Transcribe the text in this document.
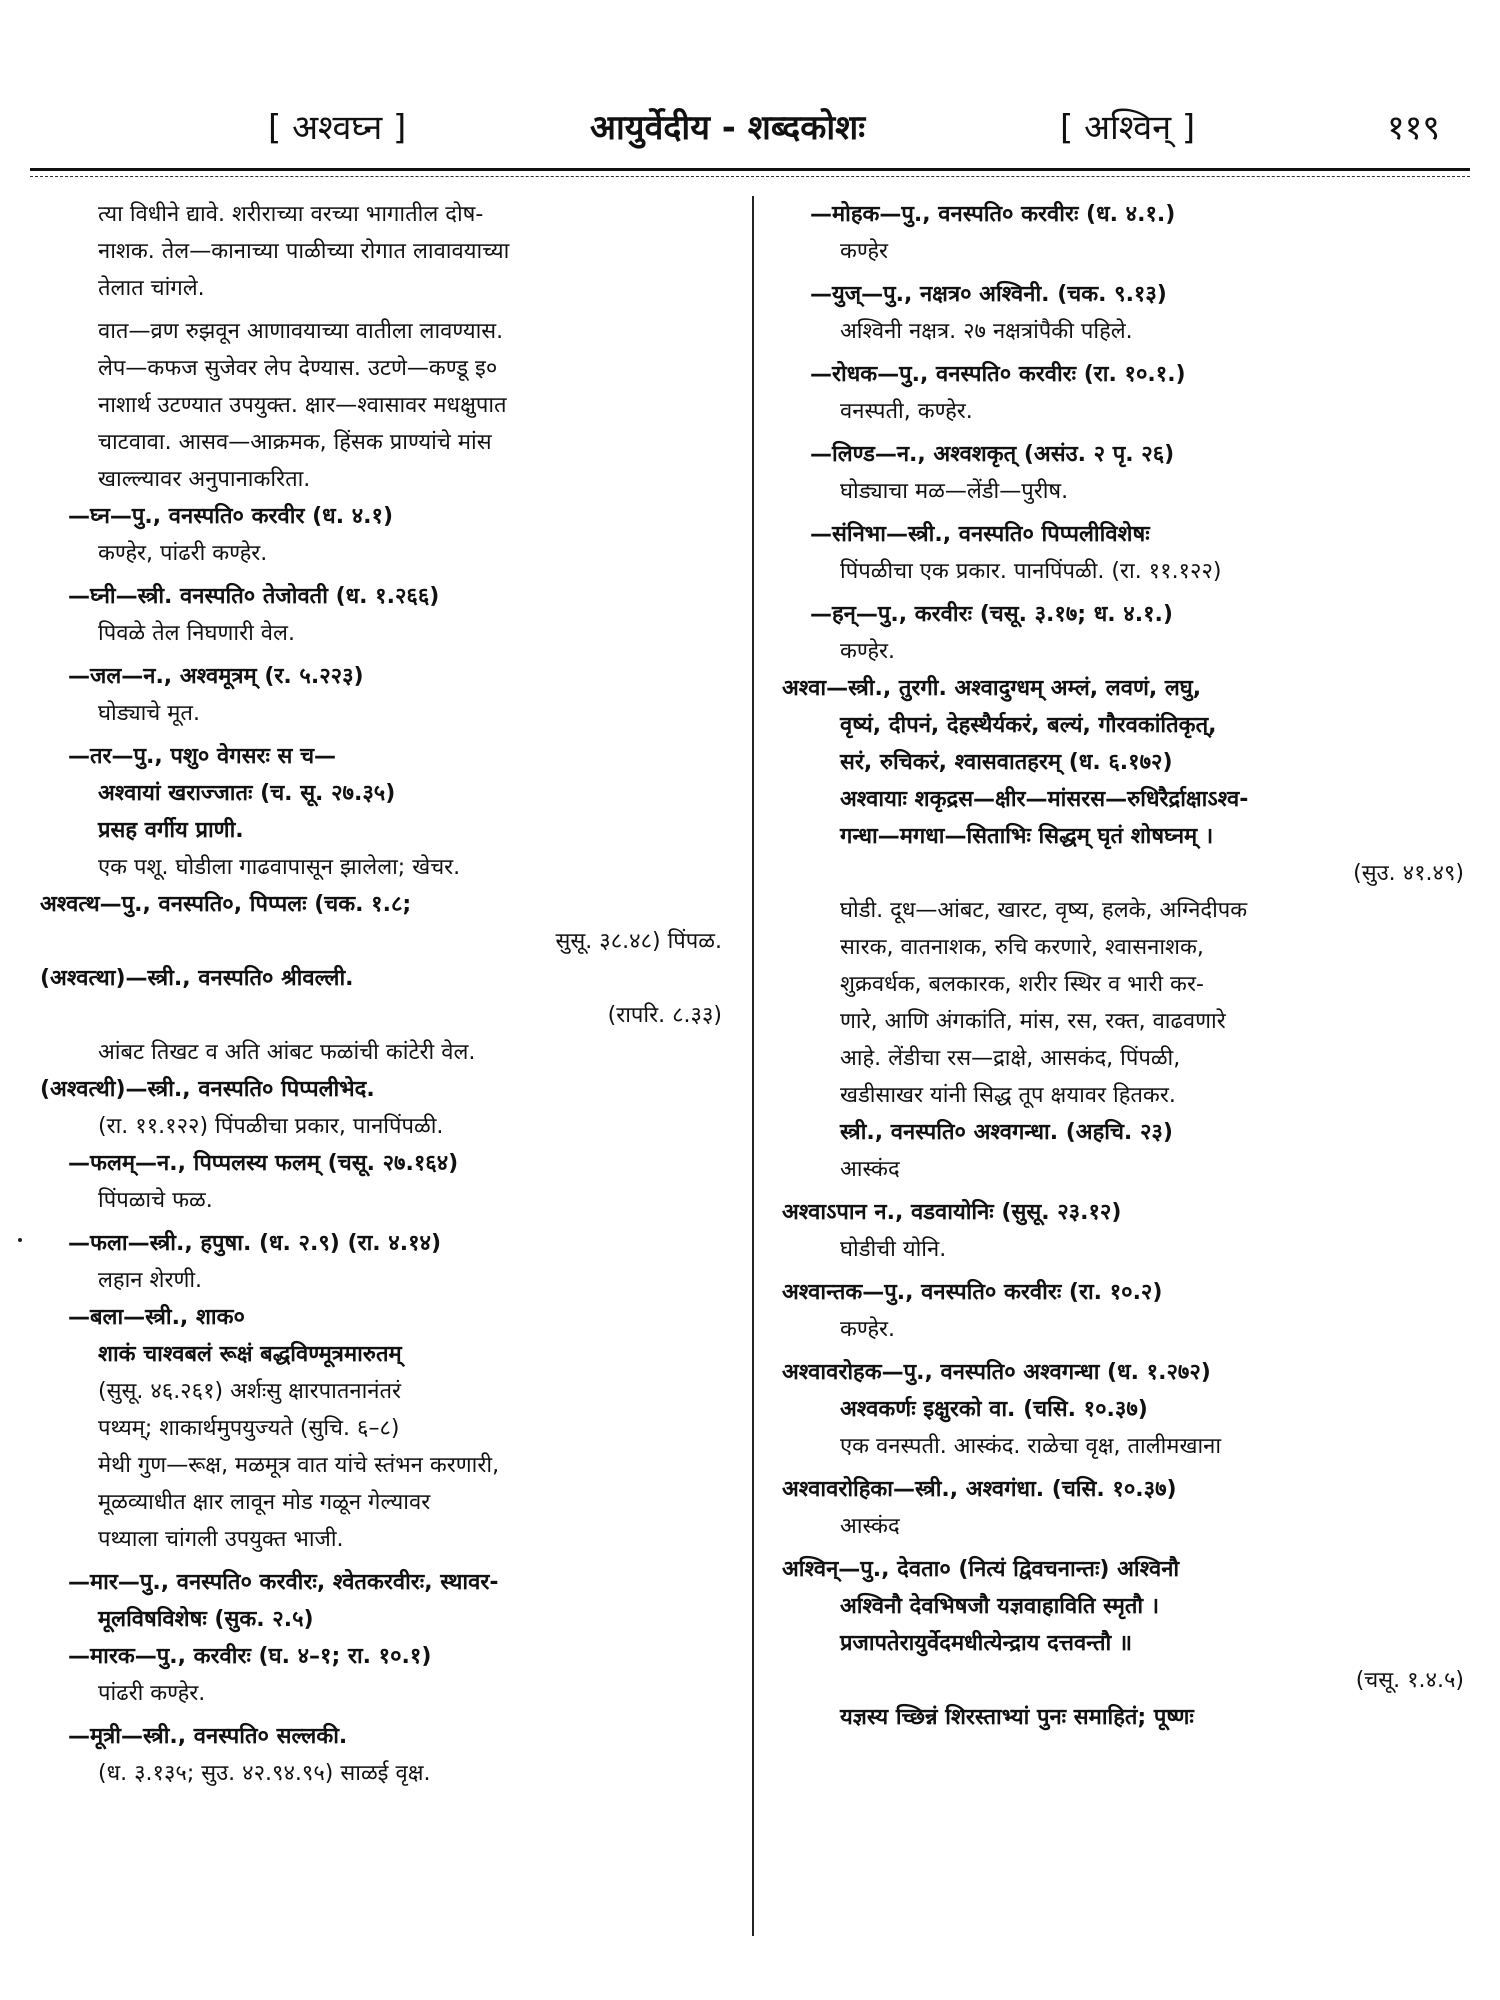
[ अश्वघ्न ]	आयुर्वेदीय - शब्दकोशः	[ अश्विन् ]	११९
त्या विधीने द्यावे. शरीराच्या वरच्या भागातील दोष-
नाशक. तेल—कानाच्या पाळीच्या रोगात लावावयाच्या
तेलात चांगले.
वात—व्रण रुझवून आणावयाच्या वातीला लावण्यास.
लेप—कफज सुजेवर लेप देण्यास. उटणे—कण्डू इ०
नाशार्थ उटण्यात उपयुक्त. क्षार—श्वासावर मधक्षुपात
चाटवावा. आसव—आक्रमक, हिंसक प्राण्यांचे मांस
खाल्ल्यावर अनुपानाकरिता.
—घ्न—पु., वनस्पति० करवीर (ध. ४.१)
कण्हेर, पांढरी कण्हेर.
—घ्नी—स्त्री. वनस्पति० तेजोवती (ध. १.२६६)
पिवळे तेल निघणारी वेल.
—जल—न., अश्वमूत्रम् (र. ५.२२३)
घोड्याचे मूत.
—तर—पु., पशु० वेगसरः स च—
अश्वायां खराज्जातः (च. सू. २७.३५)
प्रसह वर्गीय प्राणी.
एक पशू. घोडीला गाढवापासून झालेला; खेचर.
अश्वत्थ—पु., वनस्पति०, पिप्पलः (चक. १.८;
सुसू. ३८.४८) पिंपळ.
(अश्वत्था)—स्त्री., वनस्पति० श्रीवल्ली.
(रापरि. ८.३३)
आंबट तिखट व अति आंबट फळांची कांटेरी वेल.
(अश्वत्थी)—स्त्री., वनस्पति० पिप्पलीभेद.
(रा. ११.१२२) पिंपळीचा प्रकार, पानपिंपळी.
—फलम्—न., पिप्पलस्य फलम् (चसू. २७.१६४)
पिंपळाचे फळ.
—फला—स्त्री., हपुषा. (ध. २.९) (रा. ४.१४)
लहान शेरणी.
—बला—स्त्री., शाक०
शाकं चाश्वबलं रूक्षं बद्धविण्मूत्रमारुतम्
(सुसू. ४६.२६१) अर्शःसु क्षारपातनानंतरं
पथ्यम्; शाकार्थमुपयुज्यते (सुचि. ६–८)
मेथी गुण—रूक्ष, मळमूत्र वात यांचे स्तंभन करणारी,
मूळव्याधीत क्षार लावून मोड गळून गेल्यावर
पथ्याला चांगली उपयुक्त भाजी.
—मार—पु., वनस्पति० करवीरः, श्वेतकरवीरः, स्थावर-
मूलविषविशेषः (सुक. २.५)
—मारक—पु., करवीरः (घ. ४–१; रा. १०.१)
पांढरी कण्हेर.
—मूत्री—स्त्री., वनस्पति० सल्लकी.
(ध. ३.१३५; सुउ. ४२.९४.९५) साळई वृक्ष.
—मोहक—पु., वनस्पति० करवीरः (ध. ४.१.)
कण्हेर
—युज्—पु., नक्षत्र० अश्विनी. (चक. ९.१३)
अश्विनी नक्षत्र. २७ नक्षत्रांपैकी पहिले.
—रोधक—पु., वनस्पति० करवीरः (रा. १०.१.)
वनस्पती, कण्हेर.
—लिण्ड—न., अश्वशकृत् (असंउ. २ पृ. २६)
घोड्याचा मळ—लेंडी—पुरीष.
—संनिभा—स्त्री., वनस्पति० पिप्पलीविशेषः
पिंपळीचा एक प्रकार. पानपिंपळी. (रा. ११.१२२)
—हन्—पु., करवीरः (चसू. ३.१७; ध. ४.१.)
कण्हेर.
अश्वा—स्त्री., तुरगी. अश्वादुग्धम् अम्लं, लवणं, लघु,
वृष्यं, दीपनं, देहस्थैर्यकरं, बल्यं, गौरवकांतिकृत्,
सरं, रुचिकरं, श्वासवातहरम् (ध. ६.१७२)
अश्वायाः शकृद्रस—क्षीर—मांसरस—रुधिरैर्द्राक्षाऽश्व-
गन्धा—मगधा—सिताभिः सिद्धम् घृतं शोषघ्नम् ।
(सुउ. ४१.४९)
घोडी. दूध—आंबट, खारट, वृष्य, हलके, अग्निदीपक
सारक, वातनाशक, रुचि करणारे, श्वासनाशक,
शुक्रवर्धक, बलकारक, शरीर स्थिर व भारी कर-
णारे, आणि अंगकांति, मांस, रस, रक्त, वाढवणारे
आहे. लेंडीचा रस—द्राक्षे, आसकंद, पिंपळी,
खडीसाखर यांनी सिद्ध तूप क्षयावर हितकर.
स्त्री., वनस्पति० अश्वगन्धा. (अहचि. २३)
आस्कंद
अश्वाऽपान न., वडवायोनिः (सुसू. २३.१२)
घोडीची योनि.
अश्वान्तक—पु., वनस्पति० करवीरः (रा. १०.२)
कण्हेर.
अश्वावरोहक—पु., वनस्पति० अश्वगन्धा (ध. १.२७२)
अश्वकर्णः इक्षुरको वा. (चसि. १०.३७)
एक वनस्पती. आस्कंद. राळेचा वृक्ष, तालीमखाना
अश्वावरोहिका—स्त्री., अश्वगंधा. (चसि. १०.३७)
आस्कंद
अश्विन्—पु., देवता० (नित्यं द्विवचनान्तः) अश्विनौ
अश्विनौ देवभिषजौ यज्ञवाहाविति स्मृतौ ।
प्रजापतेरायुर्वेदमधीत्येन्द्राय दत्तवन्तौ ॥
(चसू. १.४.५)
यज्ञस्य च्छिन्नं शिरस्ताभ्यां पुनः समाहितं; पूष्णः
